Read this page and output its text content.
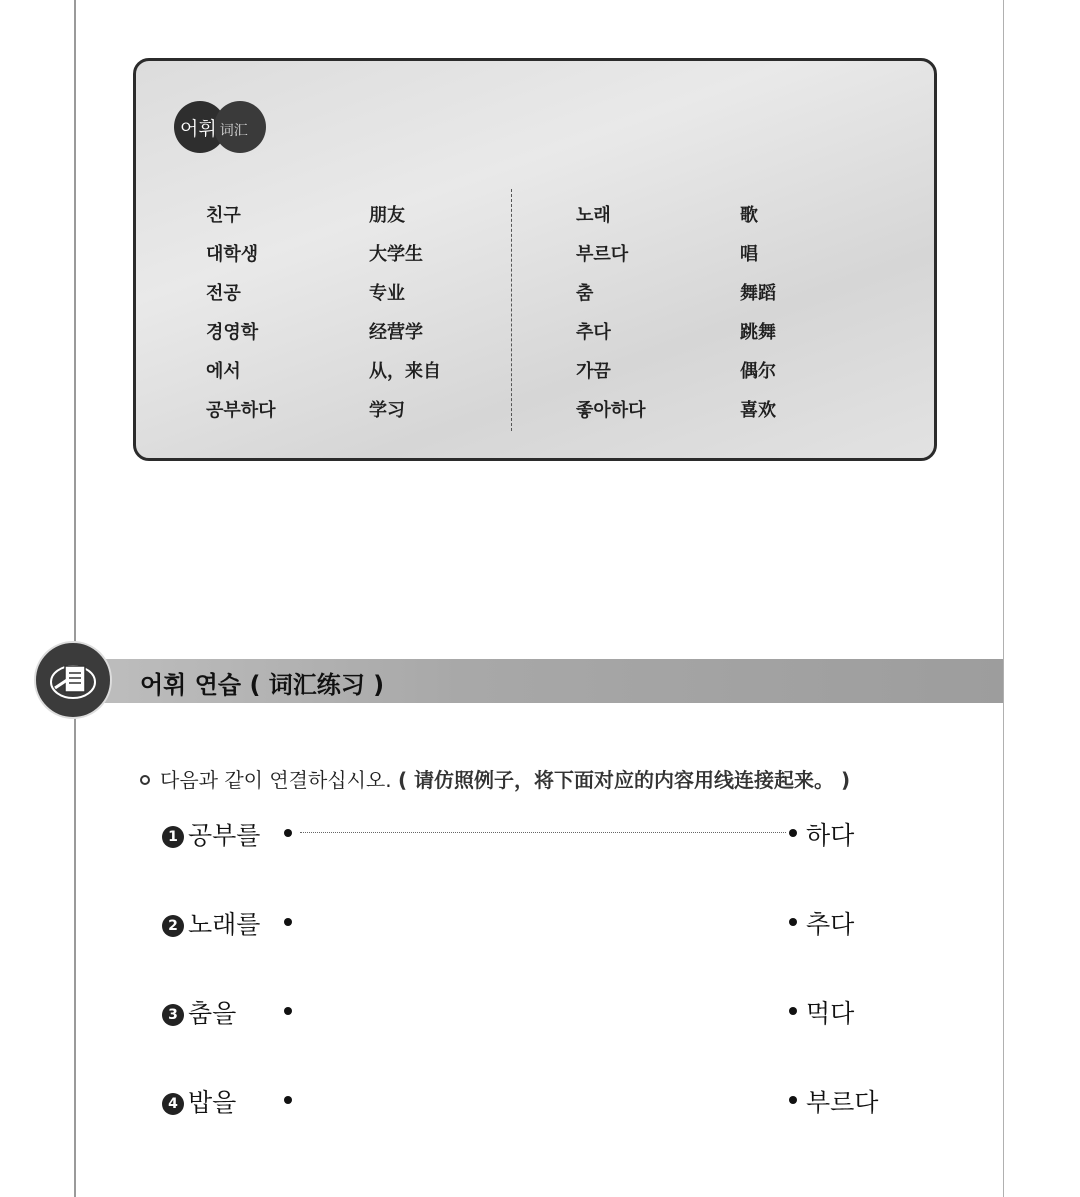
어휘 词汇
친구	朋友
대학생	大学生
전공	专业
경영학	经营学
에서	从，来自
공부하다	学习
노래	歌
부르다	唱
춤	舞蹈
추다	跳舞
가끔	偶尔
좋아하다	喜欢
어휘 연습 ( 词汇练习 )
다음과 같이 연결하십시오. ( 请仿照例子，将下面对应的内容用线连接起来。 )
1 공부를	하다
2 노래를	추다
3 춤을	먹다
4 밥을	부르다
